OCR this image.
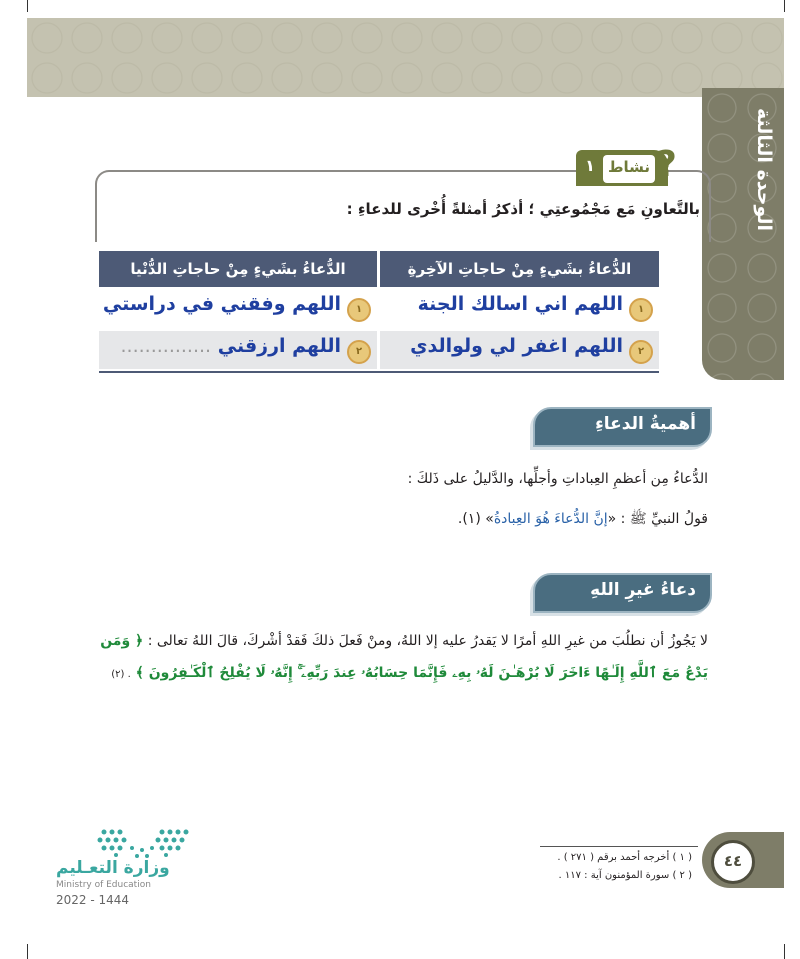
الوحدة الثالثة
١ نشاط ?
بالتَّعاونِ مَع مَجْمُوعتِي ؛ أذكرُ أمثلةً أُخْرى للدعاءِ :
الدُّعاءُ بشَيءٍ مِنْ حاجاتِ الآخِرةِ
الدُّعاءُ بشَيءٍ مِنْ حاجاتِ الدُّنْيا
١
اللهم اني اسالك الجنة
١
اللهم وفقني في دراستي
٢
اللهم اغفر لي ولوالدي
٢
اللهم ارزقني ...............
أهميةُ الدعاءِ
الدُّعاءُ مِن أعظمِ العِباداتِ وأجلِّها، والدَّليلُ على ذَلكَ :
قولُ النبيِّ ﷺ : «إنَّ الدُّعاءَ هُوَ العِبادةُ» (١).
دعاءُ غيرِ اللهِ
لا يَجُوزُ أن نطلُبَ من غيرِ اللهِ أمرًا لا يَقدرُ عليه إلا اللهُ، ومنْ فَعلَ ذلكَ فَقدْ أشْركَ، قالَ اللهُ تعالى : ﴿ وَمَن
يَدْعُ مَعَ ٱللَّهِ إِلَـٰهًا ءَاخَرَ لَا بُرْهَـٰنَ لَهُۥ بِهِۦ فَإِنَّمَا حِسَابُهُۥ عِندَ رَبِّهِۦٓ ۚ إِنَّهُۥ لَا يُفْلِحُ ٱلْكَـٰفِرُونَ ﴾ . (٢)
وزارة التعـليم
Ministry of Education
2022 - 1444
( ١ ) أخرجه أحمد برقم ( ٢٧١ ) .
( ٢ ) سورة المؤمنون آية : ١١٧ .
٤٤
